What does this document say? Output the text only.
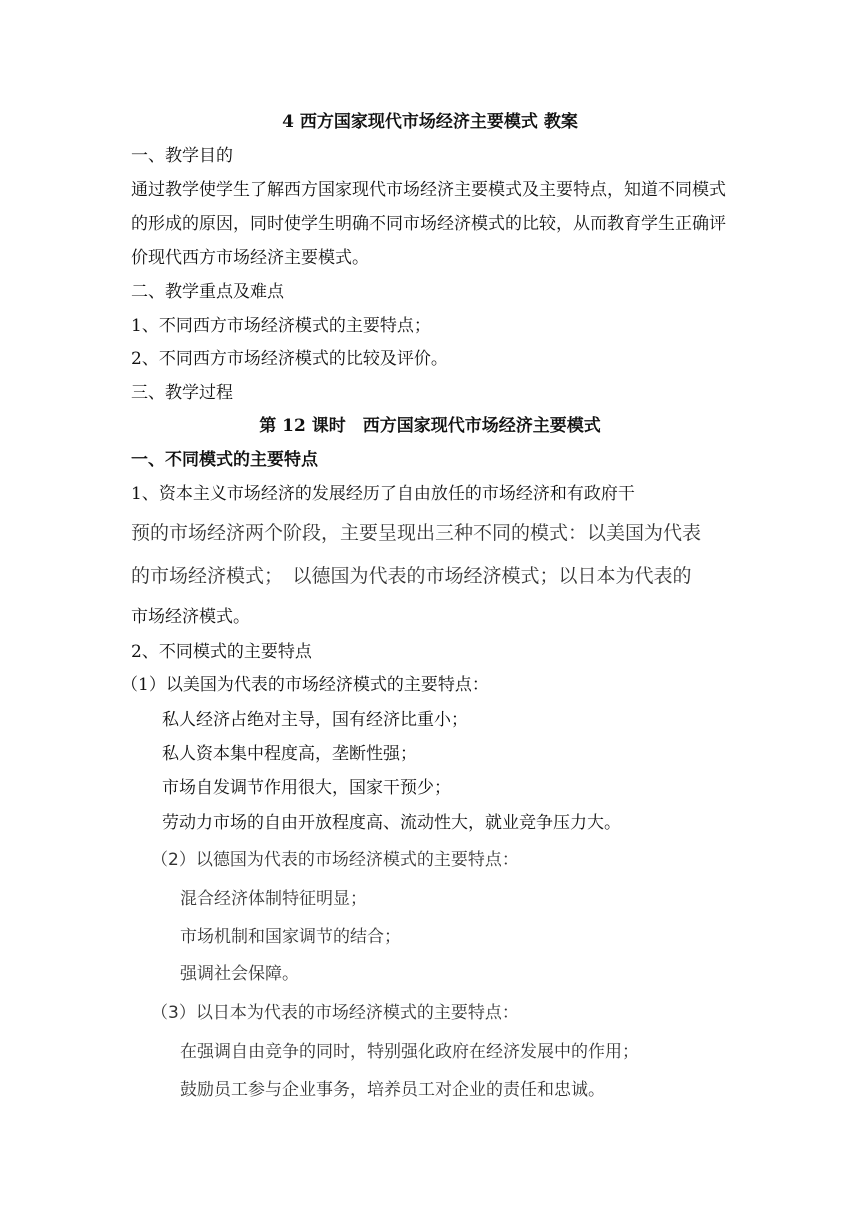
4 西方国家现代市场经济主要模式 教案
一、教学目的
通过教学使学生了解西方国家现代市场经济主要模式及主要特点，知道不同模式
的形成的原因，同时使学生明确不同市场经济模式的比较，从而教育学生正确评
价现代西方市场经济主要模式。
二、教学重点及难点
1、不同西方市场经济模式的主要特点；
2、不同西方市场经济模式的比较及评价。
三、教学过程
第 12 课时　西方国家现代市场经济主要模式
一、不同模式的主要特点
1、资本主义市场经济的发展经历了自由放任的市场经济和有政府干
预的市场经济两个阶段，主要呈现出三种不同的模式：以美国为代表
的市场经济模式；　以德国为代表的市场经济模式；以日本为代表的
市场经济模式。
2、不同模式的主要特点
（1）以美国为代表的市场经济模式的主要特点：
私人经济占绝对主导，国有经济比重小；
私人资本集中程度高，垄断性强；
市场自发调节作用很大，国家干预少；
劳动力市场的自由开放程度高、流动性大，就业竞争压力大。
（2）以德国为代表的市场经济模式的主要特点：
混合经济体制特征明显；
市场机制和国家调节的结合；
强调社会保障。
（3）以日本为代表的市场经济模式的主要特点：
在强调自由竞争的同时，特别强化政府在经济发展中的作用；
鼓励员工参与企业事务，培养员工对企业的责任和忠诚。
